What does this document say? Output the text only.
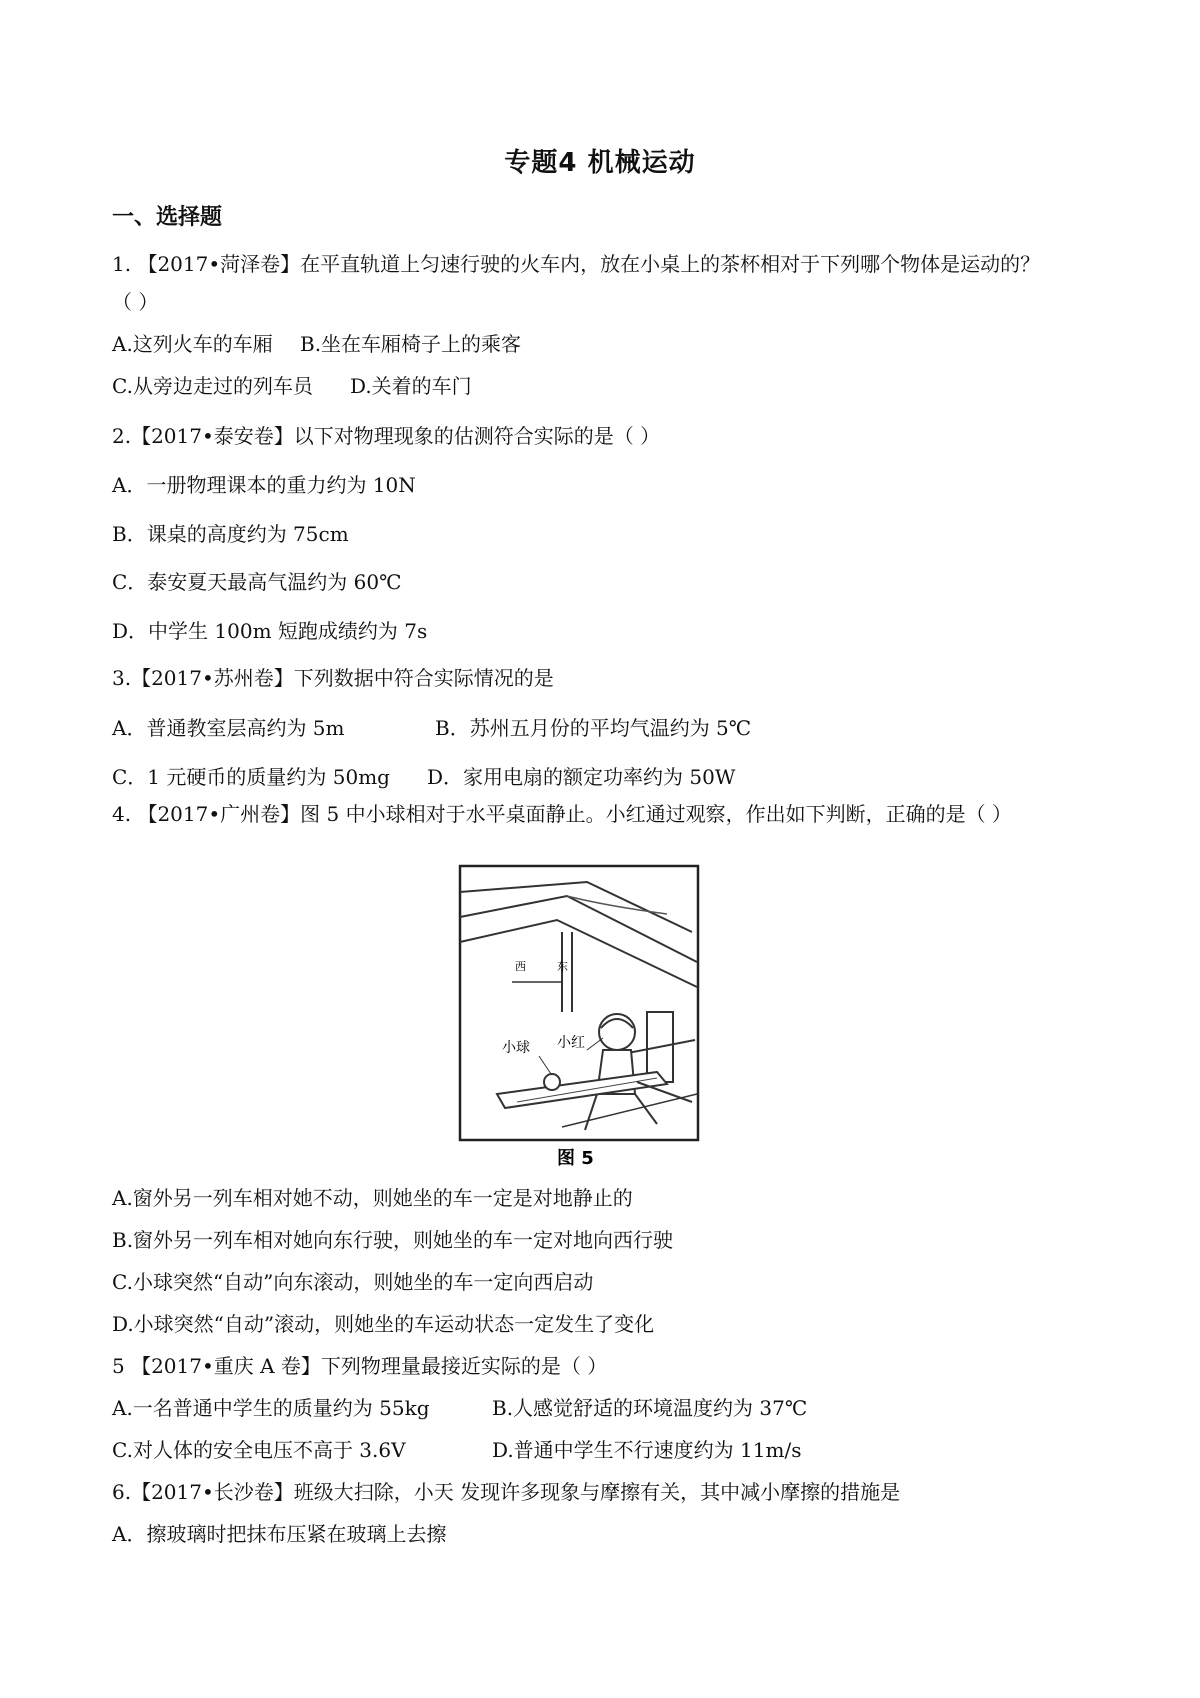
专题4 机械运动
一、选择题
1. 【2017•菏泽卷】在平直轨道上匀速行驶的火车内，放在小桌上的茶杯相对于下列哪个物体是运动的？
（ ）
A.这列火车的车厢 B.坐在车厢椅子上的乘客
C.从旁边走过的列车员 D.关着的车门
2.【2017•泰安卷】以下对物理现象的估测符合实际的是（ ）
A．一册物理课本的重力约为 10N
B．课桌的高度约为 75cm
C．泰安夏天最高气温约为 60℃
D．中学生 100m 短跑成绩约为 7s
3.【2017•苏州卷】下列数据中符合实际情况的是
A．普通教室层高约为 5m	B．苏州五月份的平均气温约为 5℃
C．1 元硬币的质量约为 50mg D．家用电扇的额定功率约为 50W
4. 【2017•广州卷】图 5 中小球相对于水平桌面静止。小红通过观察，作出如下判断，正确的是（ ）
西	东
小球 小红
图 5
A.窗外另一列车相对她不动，则她坐的车一定是对地静止的
B.窗外另一列车相对她向东行驶，则她坐的车一定对地向西行驶
C.小球突然“自动”向东滚动，则她坐的车一定向西启动
D.小球突然“自动”滚动，则她坐的车运动状态一定发生了变化
5 【2017•重庆 A 卷】下列物理量最接近实际的是（ ）
A.一名普通中学生的质量约为 55kg	B.人感觉舒适的环境温度约为 37℃
C.对人体的安全电压不高于 3.6V	D.普通中学生不行速度约为 11m/s
6.【2017•长沙卷】班级大扫除，小天 发现许多现象与摩擦有关，其中减小摩擦的措施是
A．擦玻璃时把抹布压紧在玻璃上去擦
